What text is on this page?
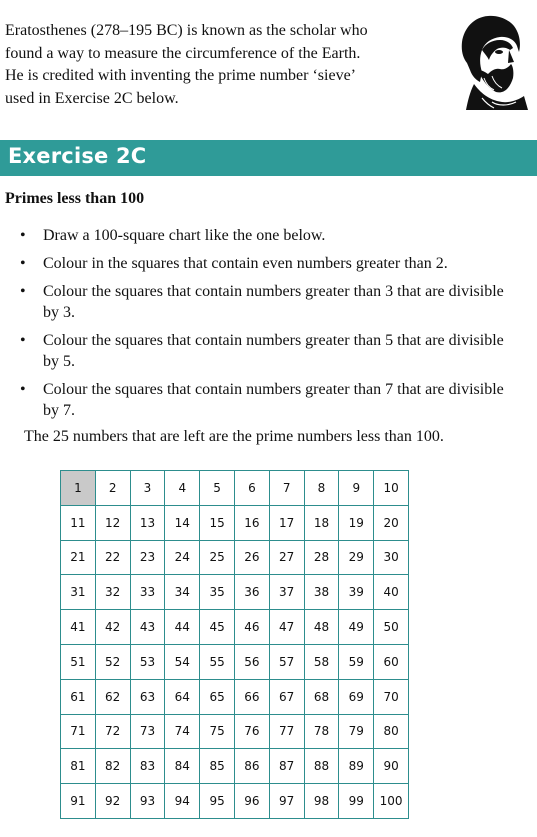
Eratosthenes (278–195 BC) is known as the scholar who

found a way to measure the circumference of the Earth.

He is credited with inventing the prime number ‘sieve’

used in Exercise 2C below.

Exercise 2C
Primes less than 100
• Draw a 100-square chart like the one below.
• Colour in the squares that contain even numbers greater than 2.
• Colour the squares that contain numbers greater than 3 that are divisible by 3.
• Colour the squares that contain numbers greater than 5 that are divisible by 5.
• Colour the squares that contain numbers greater than 7 that are divisible by 7.
The 25 numbers that are left are the prime numbers less than 100.
1	2	3	4	5	6	7	8	9	10
11	12	13	14	15	16	17	18	19	20
21	22	23	24	25	26	27	28	29	30
31	32	33	34	35	36	37	38	39	40
41	42	43	44	45	46	47	48	49	50
51	52	53	54	55	56	57	58	59	60
61	62	63	64	65	66	67	68	69	70
71	72	73	74	75	76	77	78	79	80
81	82	83	84	85	86	87	88	89	90
91	92	93	94	95	96	97	98	99	100
